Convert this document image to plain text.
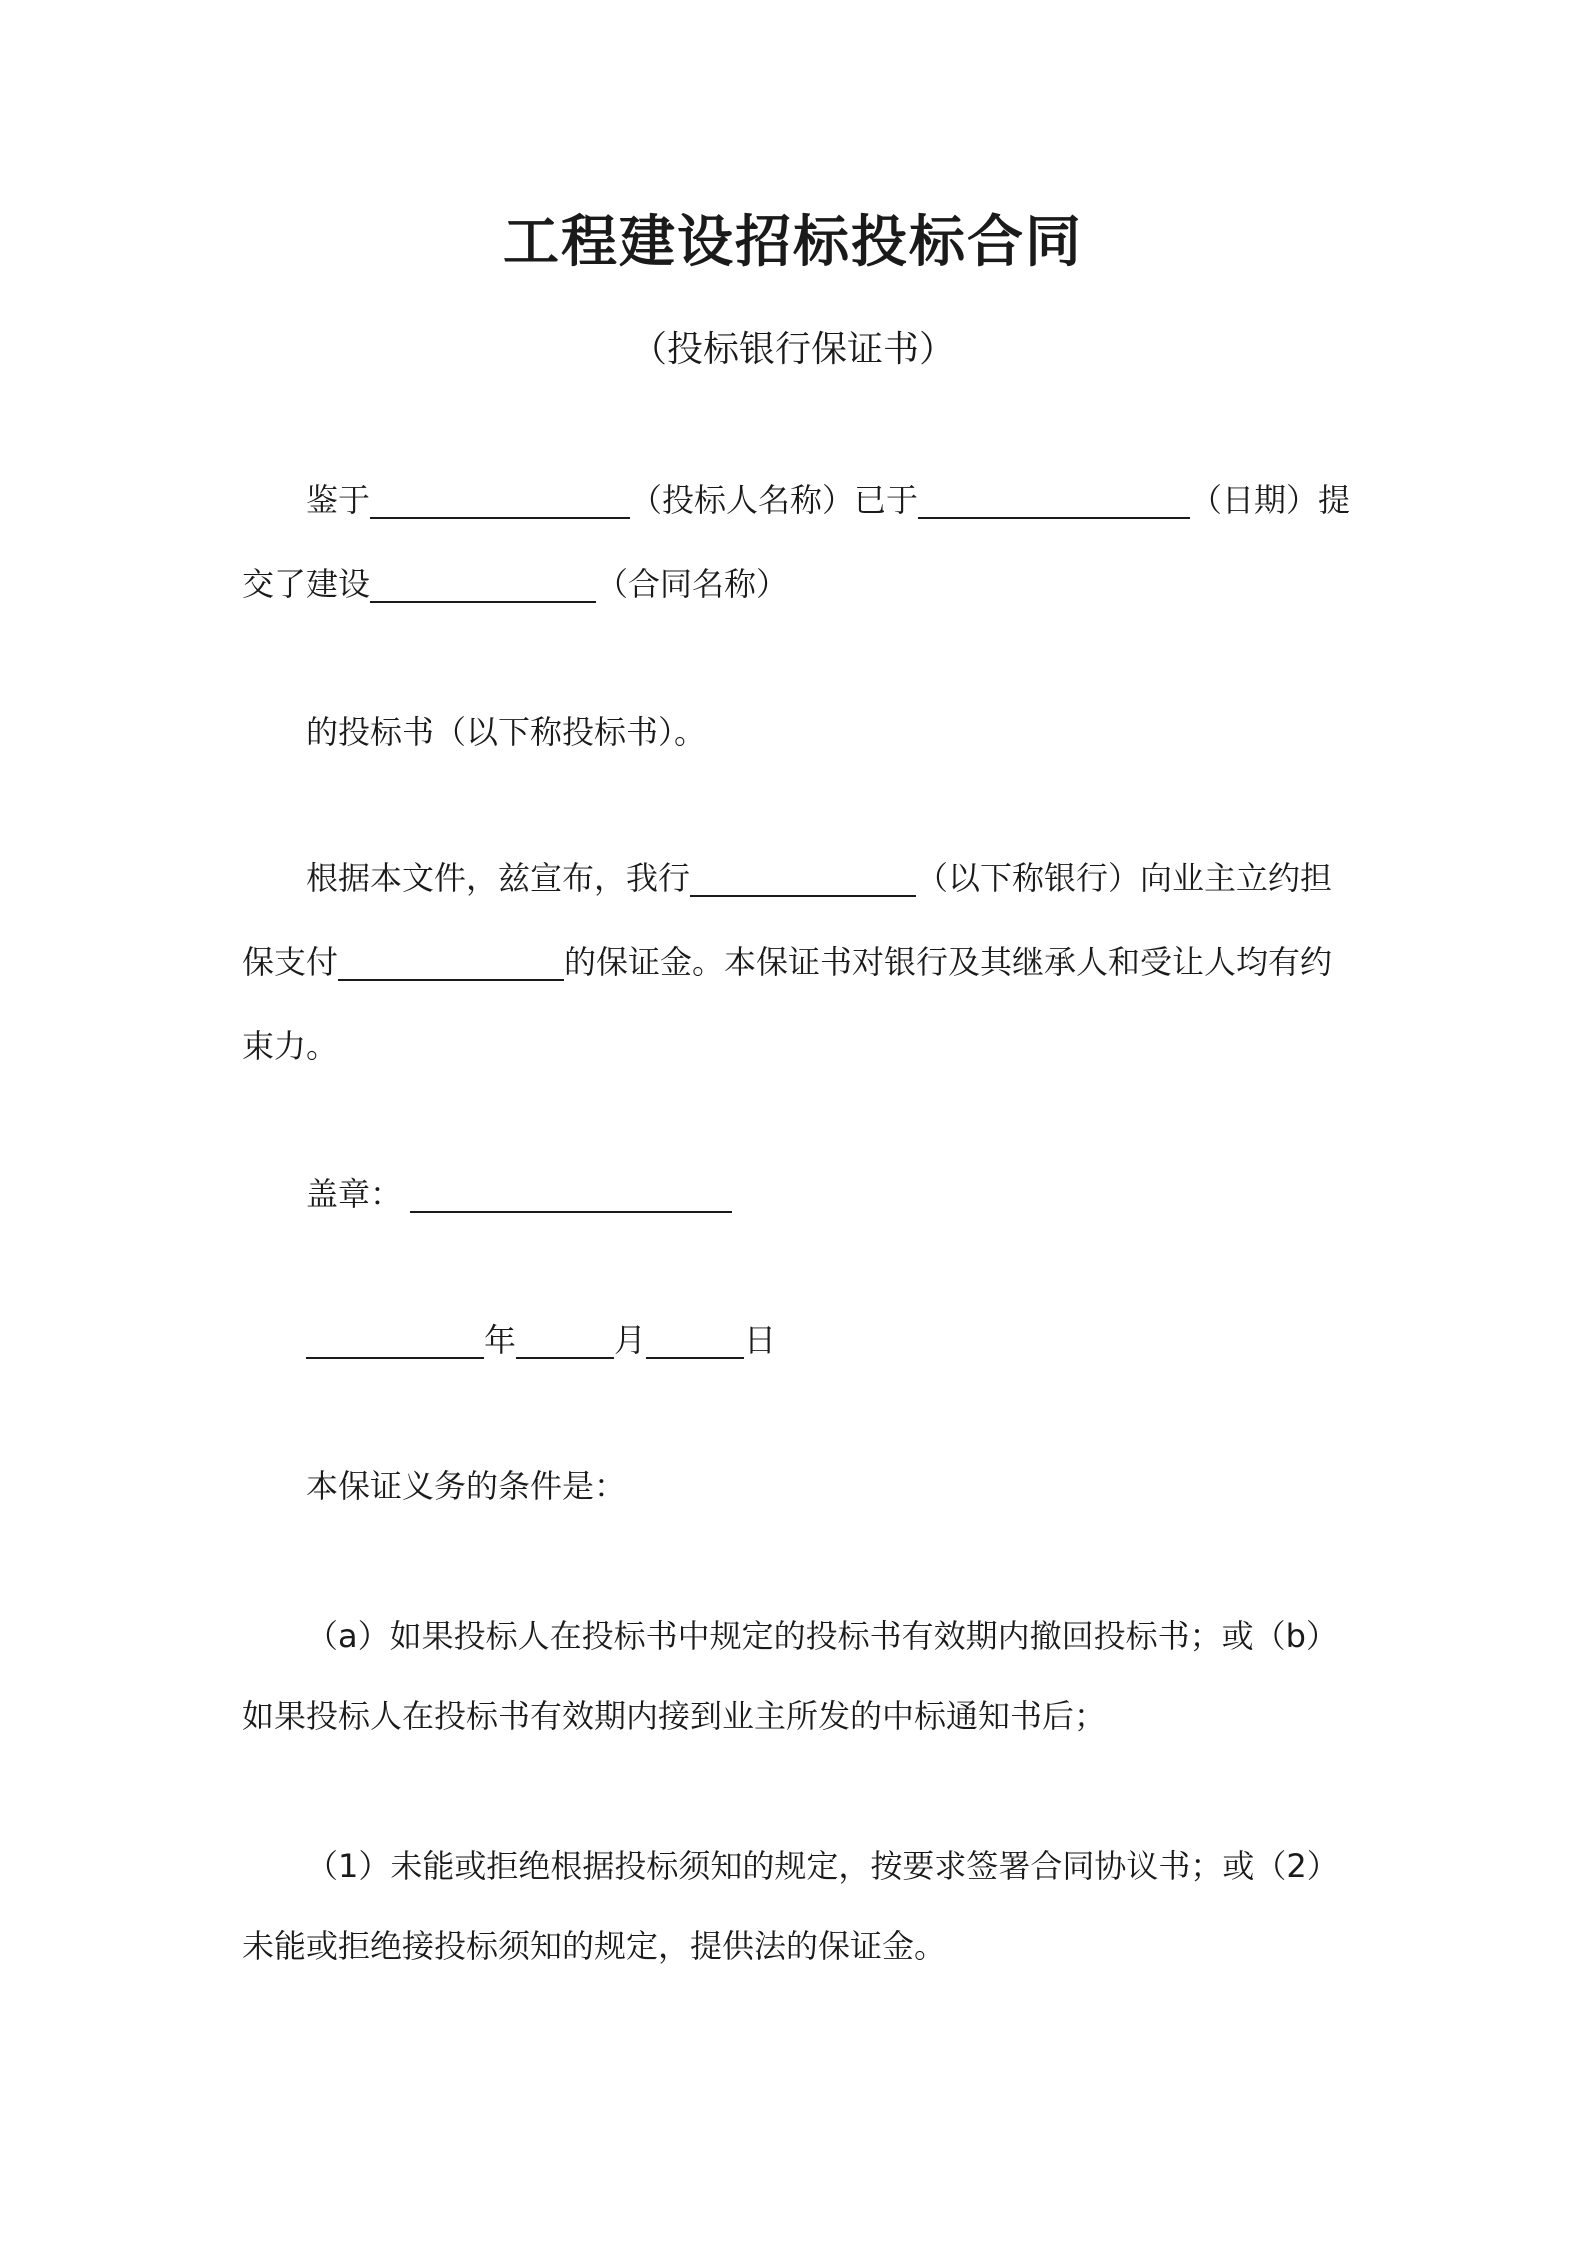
工程建设招标投标合同
（投标银行保证书）
鉴于	（投标人名称）已于	（日期）提
交了建设	（合同名称）
的投标书（以下称投标书）。
根据本文件，兹宣布，我行	（以下称银行）向业主立约担
保支付	的保证金。本保证书对银行及其继承人和受让人均有约
束力。
盖章：
年	月	日
本保证义务的条件是：
（a）如果投标人在投标书中规定的投标书有效期内撤回投标书；或（b）
如果投标人在投标书有效期内接到业主所发的中标通知书后；
（1）未能或拒绝根据投标须知的规定，按要求签署合同协议书；或（2）
未能或拒绝接投标须知的规定，提供法的保证金。
